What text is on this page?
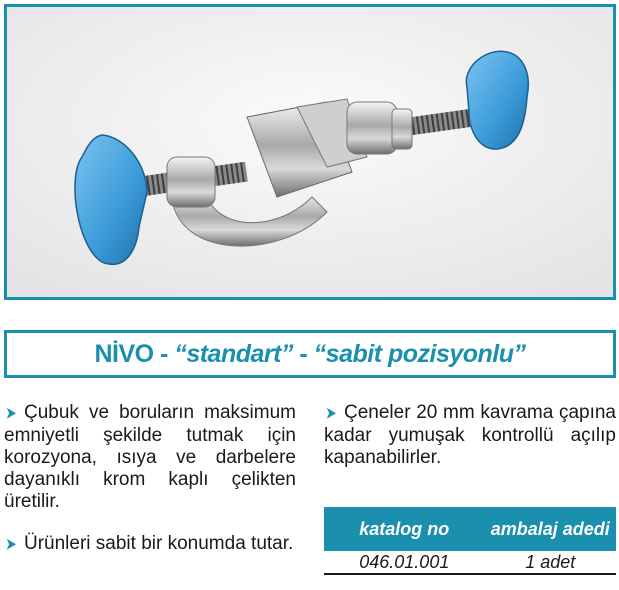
NİVO - “standart” - “sabit pozisyonlu”

➤ Çubuk ve boruların maksimum emniyetli şekilde tutmak için korozyona, ısıya ve darbelere dayanıklı krom kaplı çelikten üretilir.

➤ Ürünleri sabit bir konumda tutar.

➤ Çeneler 20 mm kavrama çapına kadar yumuşak kontrollü açılıp kapanabilirler.

katalog no	ambalaj adedi
046.01.001	1 adet
